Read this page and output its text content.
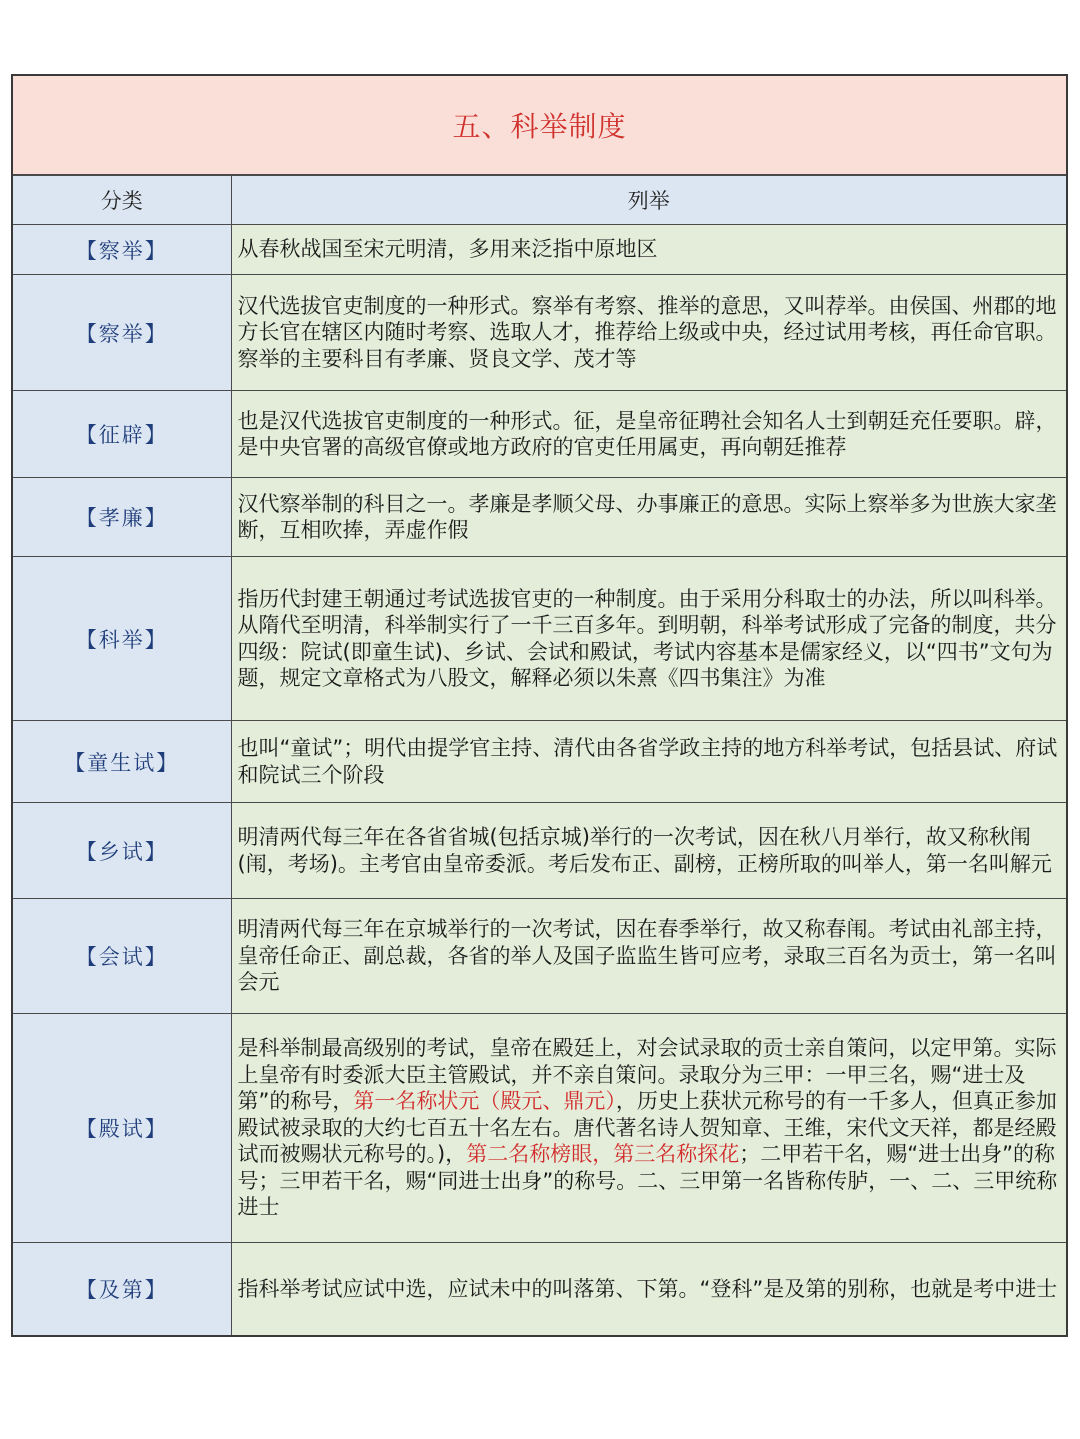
五、科举制度
分类	列举
【察举】	从春秋战国至宋元明清，多用来泛指中原地区
【察举】	汉代选拔官吏制度的一种形式。察举有考察、推举的意思，又叫荐举。由侯国、州郡的地方长官在辖区内随时考察、选取人才，推荐给上级或中央，经过试用考核，再任命官职。察举的主要科目有孝廉、贤良文学、茂才等
【征辟】	也是汉代选拔官吏制度的一种形式。征，是皇帝征聘社会知名人士到朝廷充任要职。辟，是中央官署的高级官僚或地方政府的官吏任用属吏，再向朝廷推荐
【孝廉】	汉代察举制的科目之一。孝廉是孝顺父母、办事廉正的意思。实际上察举多为世族大家垄断，互相吹捧，弄虚作假
【科举】	指历代封建王朝通过考试选拔官吏的一种制度。由于采用分科取士的办法，所以叫科举。从隋代至明清，科举制实行了一千三百多年。到明朝，科举考试形成了完备的制度，共分四级：院试(即童生试)、乡试、会试和殿试，考试内容基本是儒家经义，以“四书”文句为题，规定文章格式为八股文，解释必须以朱熹《四书集注》为准
【童生试】	也叫“童试”；明代由提学官主持、清代由各省学政主持的地方科举考试，包括县试、府试和院试三个阶段
【乡试】	明清两代每三年在各省省城(包括京城)举行的一次考试，因在秋八月举行，故又称秋闱(闱，考场)。主考官由皇帝委派。考后发布正、副榜，正榜所取的叫举人，第一名叫解元
【会试】	明清两代每三年在京城举行的一次考试，因在春季举行，故又称春闱。考试由礼部主持，皇帝任命正、副总裁，各省的举人及国子监监生皆可应考，录取三百名为贡士，第一名叫会元
【殿试】	是科举制最高级别的考试，皇帝在殿廷上，对会试录取的贡士亲自策问，以定甲第。实际上皇帝有时委派大臣主管殿试，并不亲自策问。录取分为三甲：一甲三名，赐“进士及第”的称号，第一名称状元（殿元、鼎元），历史上获状元称号的有一千多人，但真正参加殿试被录取的大约七百五十名左右。唐代著名诗人贺知章、王维，宋代文天祥，都是经殿试而被赐状元称号的。)，第二名称榜眼，第三名称探花；二甲若干名，赐“进士出身”的称号；三甲若干名，赐“同进士出身”的称号。二、三甲第一名皆称传胪，一、二、三甲统称进士
【及第】	指科举考试应试中选，应试未中的叫落第、下第。“登科”是及第的别称，也就是考中进士
